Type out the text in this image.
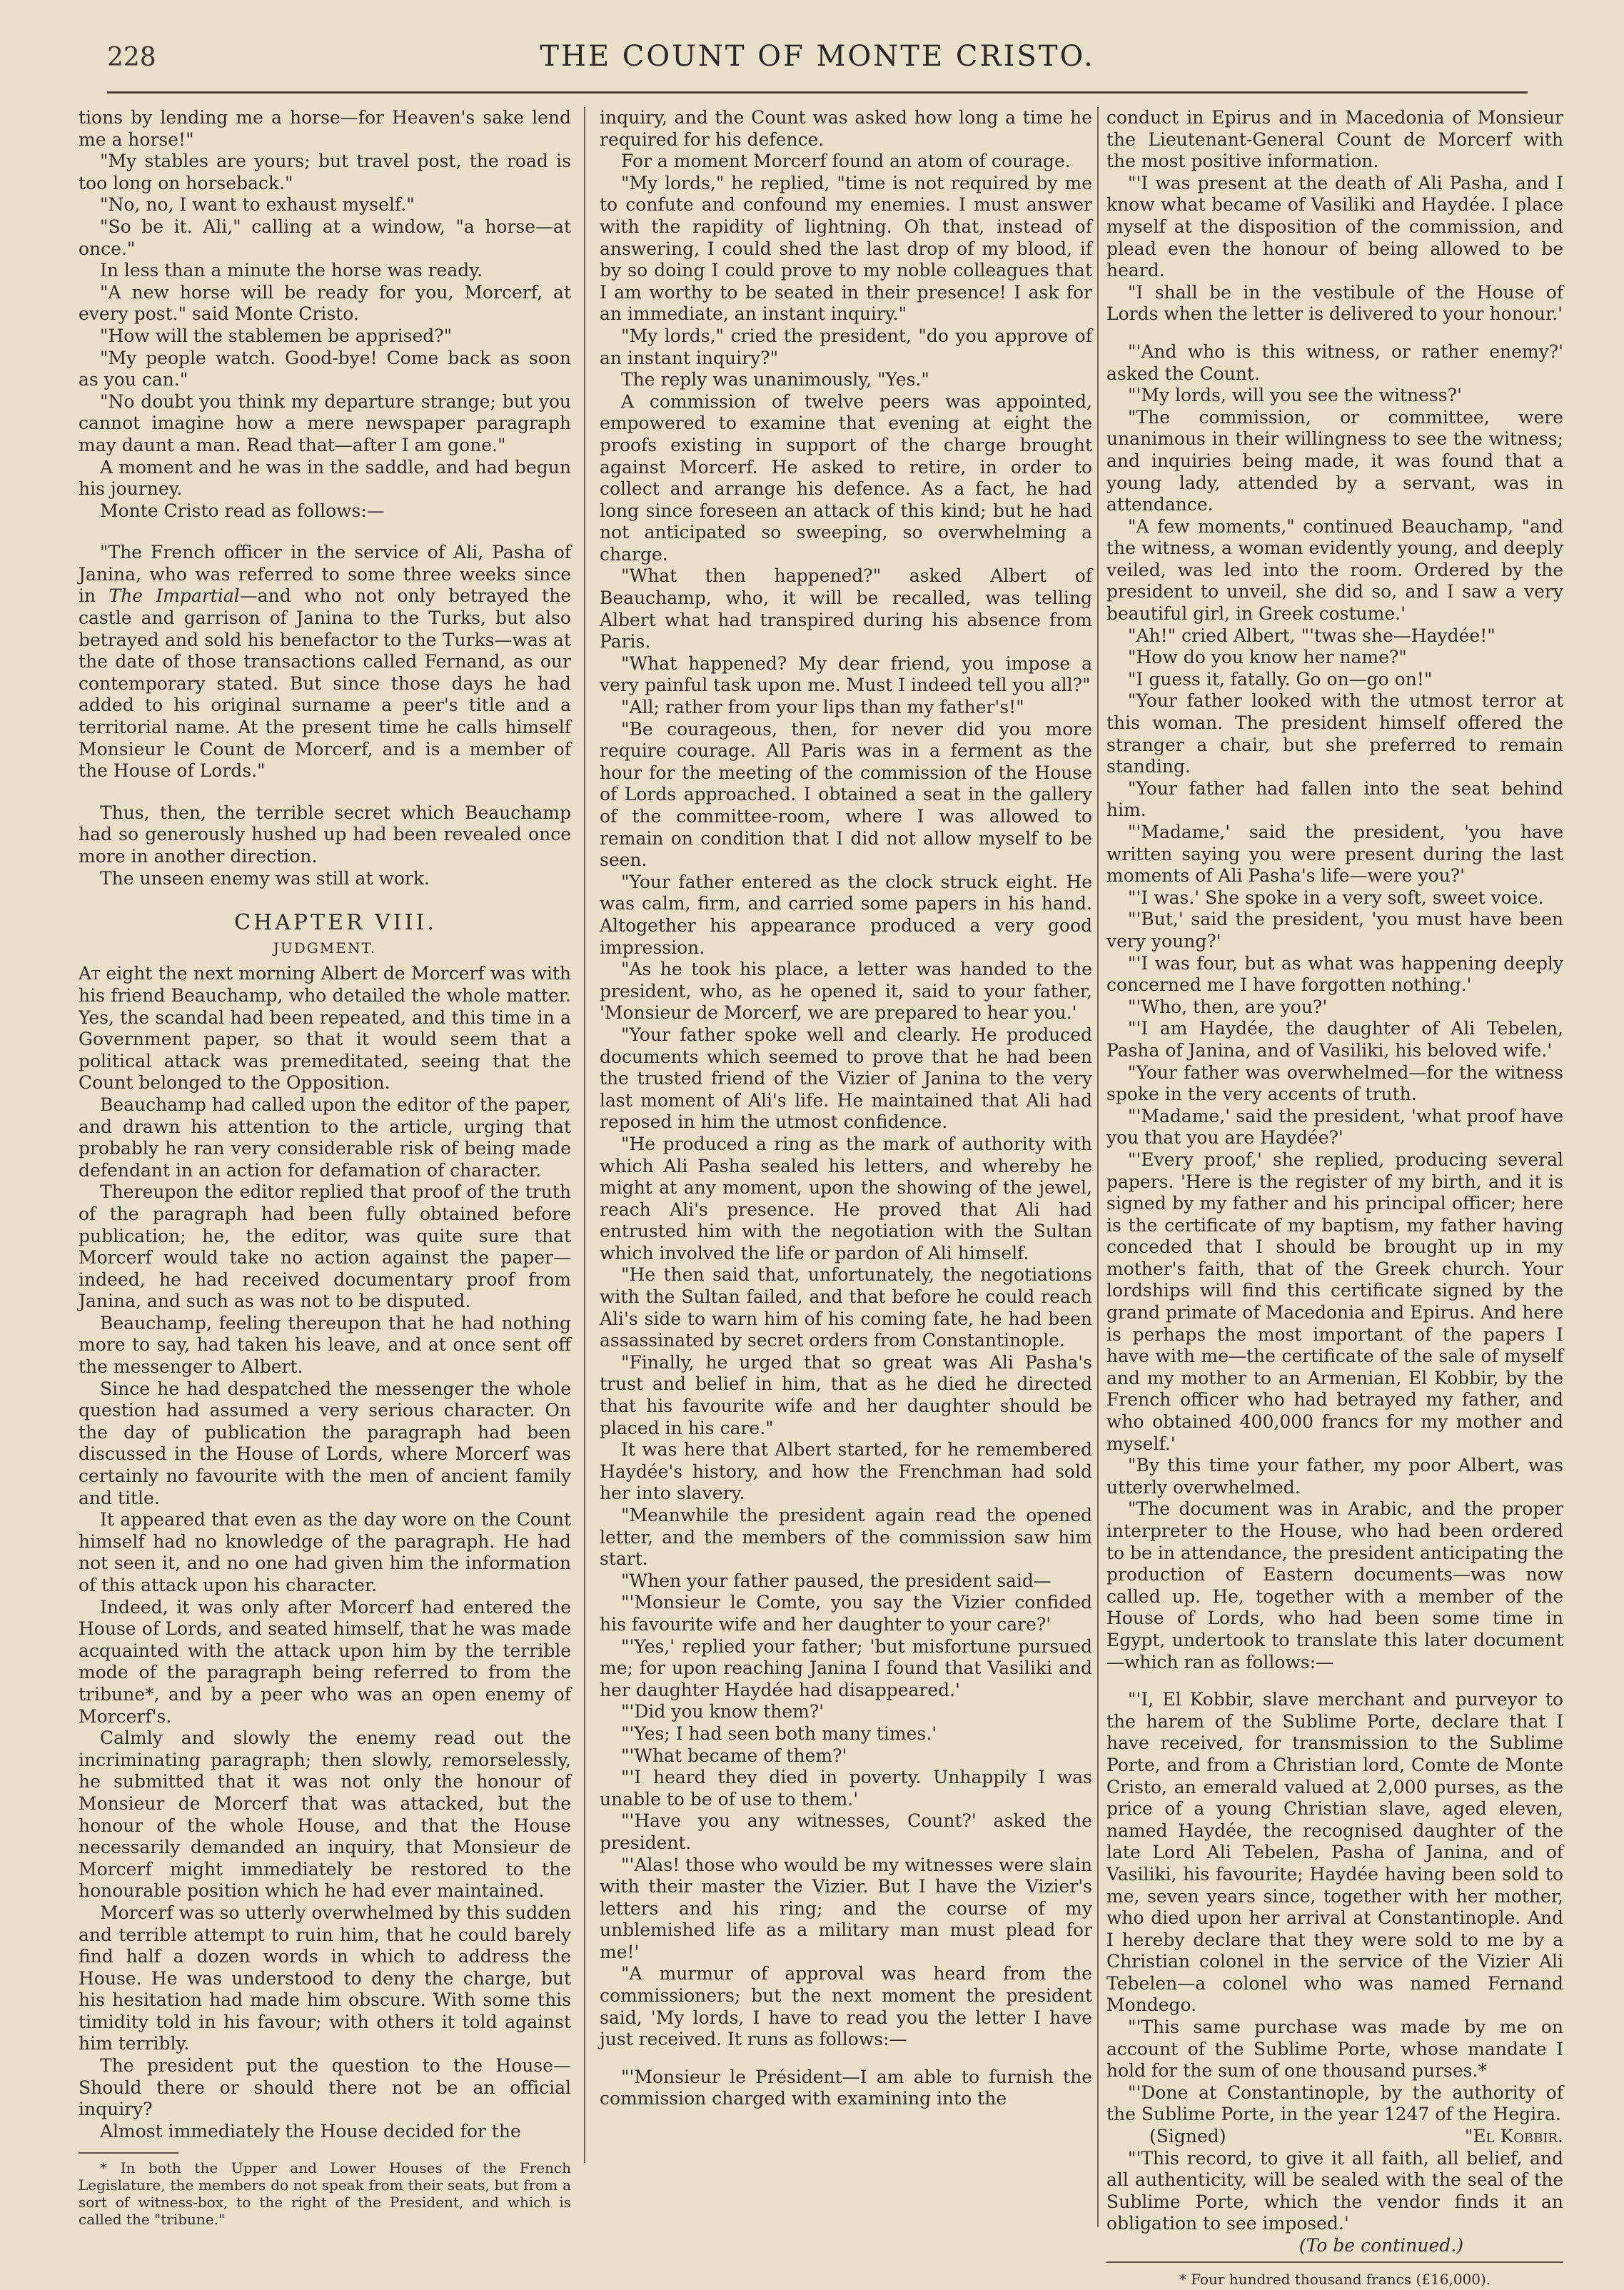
228	THE COUNT OF MONTE CRISTO.

tions by lending me a horse—for Heaven's sake lend me a horse!"

"My stables are yours; but travel post, the road is too long on horseback."

"No, no, I want to exhaust myself."

"So be it. Ali," calling at a window, "a horse—at once."

In less than a minute the horse was ready.

"A new horse will be ready for you, Morcerf, at every post." said Monte Cristo.

"How will the stablemen be apprised?"

"My people watch. Good-bye! Come back as soon as you can."

"No doubt you think my departure strange; but you cannot imagine how a mere newspaper paragraph may daunt a man. Read that—after I am gone."

A moment and he was in the saddle, and had begun his journey.

Monte Cristo read as follows:—

"The French officer in the service of Ali, Pasha of Janina, who was referred to some three weeks since in The Impartial—and who not only betrayed the castle and garrison of Janina to the Turks, but also betrayed and sold his benefactor to the Turks—was at the date of those transactions called Fernand, as our contemporary stated. But since those days he had added to his original surname a peer's title and a territorial name. At the present time he calls himself Monsieur le Count de Morcerf, and is a member of the House of Lords."

Thus, then, the terrible secret which Beauchamp had so generously hushed up had been revealed once more in another direction.

The unseen enemy was still at work.

CHAPTER VIII.

JUDGMENT.

At eight the next morning Albert de Morcerf was with his friend Beauchamp, who detailed the whole matter. Yes, the scandal had been repeated, and this time in a Government paper, so that it would seem that a political attack was premeditated, seeing that the Count belonged to the Opposition.

Beauchamp had called upon the editor of the paper, and drawn his attention to the article, urging that probably he ran very considerable risk of being made defendant in an action for defamation of character.

Thereupon the editor replied that proof of the truth of the paragraph had been fully obtained before publication; he, the editor, was quite sure that Morcerf would take no action against the paper—indeed, he had received documentary proof from Janina, and such as was not to be disputed.

Beauchamp, feeling thereupon that he had nothing more to say, had taken his leave, and at once sent off the messenger to Albert.

Since he had despatched the messenger the whole question had assumed a very serious character. On the day of publication the paragraph had been discussed in the House of Lords, where Morcerf was certainly no favourite with the men of ancient family and title.

It appeared that even as the day wore on the Count himself had no knowledge of the paragraph. He had not seen it, and no one had given him the information of this attack upon his character.

Indeed, it was only after Morcerf had entered the House of Lords, and seated himself, that he was made acquainted with the attack upon him by the terrible mode of the paragraph being referred to from the tribune*, and by a peer who was an open enemy of Morcerf's.

Calmly and slowly the enemy read out the incriminating paragraph; then slowly, remorselessly, he submitted that it was not only the honour of Monsieur de Morcerf that was attacked, but the honour of the whole House, and that the House necessarily demanded an inquiry, that Monsieur de Morcerf might immediately be restored to the honourable position which he had ever maintained.

Morcerf was so utterly overwhelmed by this sudden and terrible attempt to ruin him, that he could barely find half a dozen words in which to address the House. He was understood to deny the charge, but his hesitation had made him obscure. With some this timidity told in his favour; with others it told against him terribly.

The president put the question to the House—Should there or should there not be an official inquiry?

Almost immediately the House decided for the

* In both the Upper and Lower Houses of the French Legislature, the members do not speak from their seats, but from a sort of witness-box, to the right of the President, and which is called the "tribune."

inquiry, and the Count was asked how long a time he required for his defence.

For a moment Morcerf found an atom of courage.

"My lords," he replied, "time is not required by me to confute and confound my enemies. I must answer with the rapidity of lightning. Oh that, instead of answering, I could shed the last drop of my blood, if by so doing I could prove to my noble colleagues that I am worthy to be seated in their presence! I ask for an immediate, an instant inquiry."

"My lords," cried the president, "do you approve of an instant inquiry?"

The reply was unanimously, "Yes."

A commission of twelve peers was appointed, empowered to examine that evening at eight the proofs existing in support of the charge brought against Morcerf. He asked to retire, in order to collect and arrange his defence. As a fact, he had long since foreseen an attack of this kind; but he had not anticipated so sweeping, so overwhelming a charge.

"What then happened?" asked Albert of Beauchamp, who, it will be recalled, was telling Albert what had transpired during his absence from Paris.

"What happened? My dear friend, you impose a very painful task upon me. Must I indeed tell you all?"

"All; rather from your lips than my father's!"

"Be courageous, then, for never did you more require courage. All Paris was in a ferment as the hour for the meeting of the commission of the House of Lords approached. I obtained a seat in the gallery of the committee-room, where I was allowed to remain on condition that I did not allow myself to be seen.

"Your father entered as the clock struck eight. He was calm, firm, and carried some papers in his hand. Altogether his appearance produced a very good impression.

"As he took his place, a letter was handed to the president, who, as he opened it, said to your father, 'Monsieur de Morcerf, we are prepared to hear you.'

"Your father spoke well and clearly. He produced documents which seemed to prove that he had been the trusted friend of the Vizier of Janina to the very last moment of Ali's life. He maintained that Ali had reposed in him the utmost confidence.

"He produced a ring as the mark of authority with which Ali Pasha sealed his letters, and whereby he might at any moment, upon the showing of the jewel, reach Ali's presence. He proved that Ali had entrusted him with the negotiation with the Sultan which involved the life or pardon of Ali himself.

"He then said that, unfortunately, the negotiations with the Sultan failed, and that before he could reach Ali's side to warn him of his coming fate, he had been assassinated by secret orders from Constantinople.

"Finally, he urged that so great was Ali Pasha's trust and belief in him, that as he died he directed that his favourite wife and her daughter should be placed in his care."

It was here that Albert started, for he remembered Haydée's history, and how the Frenchman had sold her into slavery.

"Meanwhile the president again read the opened letter, and the members of the commission saw him start.

"When your father paused, the president said—

"'Monsieur le Comte, you say the Vizier confided his favourite wife and her daughter to your care?'

"'Yes,' replied your father; 'but misfortune pursued me; for upon reaching Janina I found that Vasiliki and her daughter Haydée had disappeared.'

"'Did you know them?'

"'Yes; I had seen both many times.'

"'What became of them?'

"'I heard they died in poverty. Unhappily I was unable to be of use to them.'

"'Have you any witnesses, Count?' asked the president.

"'Alas! those who would be my witnesses were slain with their master the Vizier. But I have the Vizier's letters and his ring; and the course of my unblemished life as a military man must plead for me!'

"A murmur of approval was heard from the commissioners; but the next moment the president said, 'My lords, I have to read you the letter I have just received. It runs as follows:—

"'Monsieur le Président—I am able to furnish the commission charged with examining into the

conduct in Epirus and in Macedonia of Monsieur the Lieutenant-General Count de Morcerf with the most positive information.

"'I was present at the death of Ali Pasha, and I know what became of Vasiliki and Haydée. I place myself at the disposition of the commission, and plead even the honour of being allowed to be heard.

"I shall be in the vestibule of the House of Lords when the letter is delivered to your honour.'

"'And who is this witness, or rather enemy?' asked the Count.

"'My lords, will you see the witness?'

"The commission, or committee, were unanimous in their willingness to see the witness; and inquiries being made, it was found that a young lady, attended by a servant, was in attendance.

"A few moments," continued Beauchamp, "and the witness, a woman evidently young, and deeply veiled, was led into the room. Ordered by the president to unveil, she did so, and I saw a very beautiful girl, in Greek costume.'

"Ah!" cried Albert, "'twas she—Haydée!"

"How do you know her name?"

"I guess it, fatally. Go on—go on!"

"Your father looked with the utmost terror at this woman. The president himself offered the stranger a chair, but she preferred to remain standing.

"Your father had fallen into the seat behind him.

"'Madame,' said the president, 'you have written saying you were present during the last moments of Ali Pasha's life—were you?'

"'I was.' She spoke in a very soft, sweet voice.

"'But,' said the president, 'you must have been very young?'

"'I was four, but as what was happening deeply concerned me I have forgotten nothing.'

"'Who, then, are you?'

"'I am Haydée, the daughter of Ali Tebelen, Pasha of Janina, and of Vasiliki, his beloved wife.'

"Your father was overwhelmed—for the witness spoke in the very accents of truth.

"'Madame,' said the president, 'what proof have you that you are Haydée?'

"'Every proof,' she replied, producing several papers. 'Here is the register of my birth, and it is signed by my father and his principal officer; here is the certificate of my baptism, my father having conceded that I should be brought up in my mother's faith, that of the Greek church. Your lordships will find this certificate signed by the grand primate of Macedonia and Epirus. And here is perhaps the most important of the papers I have with me—the certificate of the sale of myself and my mother to an Armenian, El Kobbir, by the French officer who had betrayed my father, and who obtained 400,000 francs for my mother and myself.'

"By this time your father, my poor Albert, was utterly overwhelmed.

"The document was in Arabic, and the proper interpreter to the House, who had been ordered to be in attendance, the president anticipating the production of Eastern documents—was now called up. He, together with a member of the House of Lords, who had been some time in Egypt, undertook to translate this later document—which ran as follows:—

"'I, El Kobbir, slave merchant and purveyor to the harem of the Sublime Porte, declare that I have received, for transmission to the Sublime Porte, and from a Christian lord, Comte de Monte Cristo, an emerald valued at 2,000 purses, as the price of a young Christian slave, aged eleven, named Haydée, the recognised daughter of the late Lord Ali Tebelen, Pasha of Janina, and of Vasiliki, his favourite; Haydée having been sold to me, seven years since, together with her mother, who died upon her arrival at Constantinople. And I hereby declare that they were sold to me by a Christian colonel in the service of the Vizier Ali Tebelen—a colonel who was named Fernand Mondego.

"'This same purchase was made by me on account of the Sublime Porte, whose mandate I hold for the sum of one thousand purses.*

"'Done at Constantinople, by the authority of the Sublime Porte, in the year 1247 of the Hegira.

(Signed)	"El Kobbir.

"'This record, to give it all faith, all belief, and all authenticity, will be sealed with the seal of the Sublime Porte, which the vendor finds it an obligation to see imposed.'

(To be continued.)
* Four hundred thousand francs (£16,000).
